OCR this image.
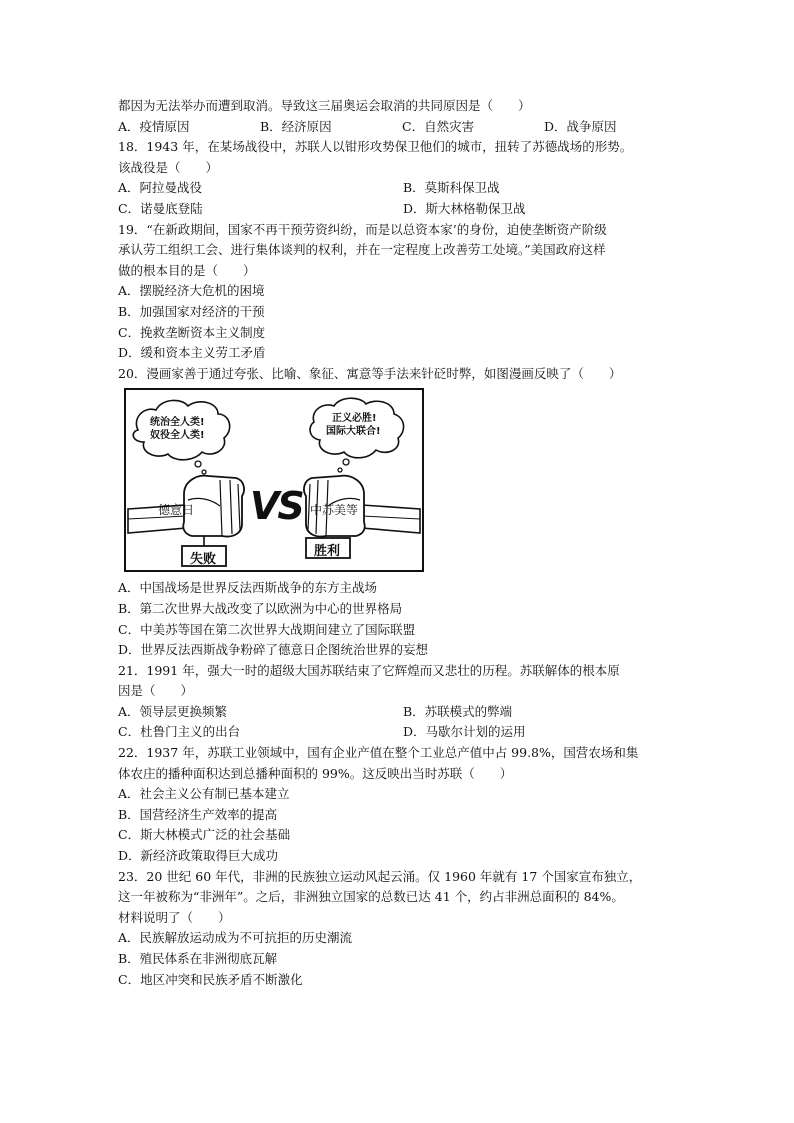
都因为无法举办而遭到取消。导致这三届奥运会取消的共同原因是（　　）
A．疫情原因	B．经济原因	C．自然灾害	D．战争原因
18．1943 年，在某场战役中，苏联人以钳形攻势保卫他们的城市，扭转了苏德战场的形势。
该战役是（　　）
A．阿拉曼战役	B．莫斯科保卫战
C．诺曼底登陆	D．斯大林格勒保卫战
19．“在新政期间，国家不再干预劳资纠纷，而是以总资本家’的身份，迫使垄断资产阶级
承认劳工组织工会、进行集体谈判的权利，并在一定程度上改善劳工处境。”美国政府这样
做的根本目的是（　　）
A．摆脱经济大危机的困境
B．加强国家对经济的干预
C．挽救垄断资本主义制度
D．缓和资本主义劳工矛盾
20．漫画家善于通过夸张、比喻、象征、寓意等手法来针砭时弊，如图漫画反映了（　　）
统治全人类!
奴役全人类!
正义必胜!
国际大联合!
VS
德意日	中苏美等
失败
胜利
A．中国战场是世界反法西斯战争的东方主战场
B．第二次世界大战改变了以欧洲为中心的世界格局
C．中美苏等国在第二次世界大战期间建立了国际联盟
D．世界反法西斯战争粉碎了德意日企图统治世界的妄想
21．1991 年，强大一时的超级大国苏联结束了它辉煌而又悲壮的历程。苏联解体的根本原
因是（　　）
A．领导层更换频繁	B．苏联模式的弊端
C．杜鲁门主义的出台	D．马歇尔计划的运用
22．1937 年，苏联工业领域中，国有企业产值在整个工业总产值中占 99.8%，国营农场和集
体农庄的播种面积达到总播种面积的 99%。这反映出当时苏联（　　）
A．社会主义公有制已基本建立
B．国营经济生产效率的提高
C．斯大林模式广泛的社会基础
D．新经济政策取得巨大成功
23．20 世纪 60 年代，非洲的民族独立运动风起云涌。仅 1960 年就有 17 个国家宣布独立，
这一年被称为“非洲年”。之后，非洲独立国家的总数已达 41 个，约占非洲总面积的 84%。
材料说明了（　　）
A．民族解放运动成为不可抗拒的历史潮流
B．殖民体系在非洲彻底瓦解
C．地区冲突和民族矛盾不断激化
